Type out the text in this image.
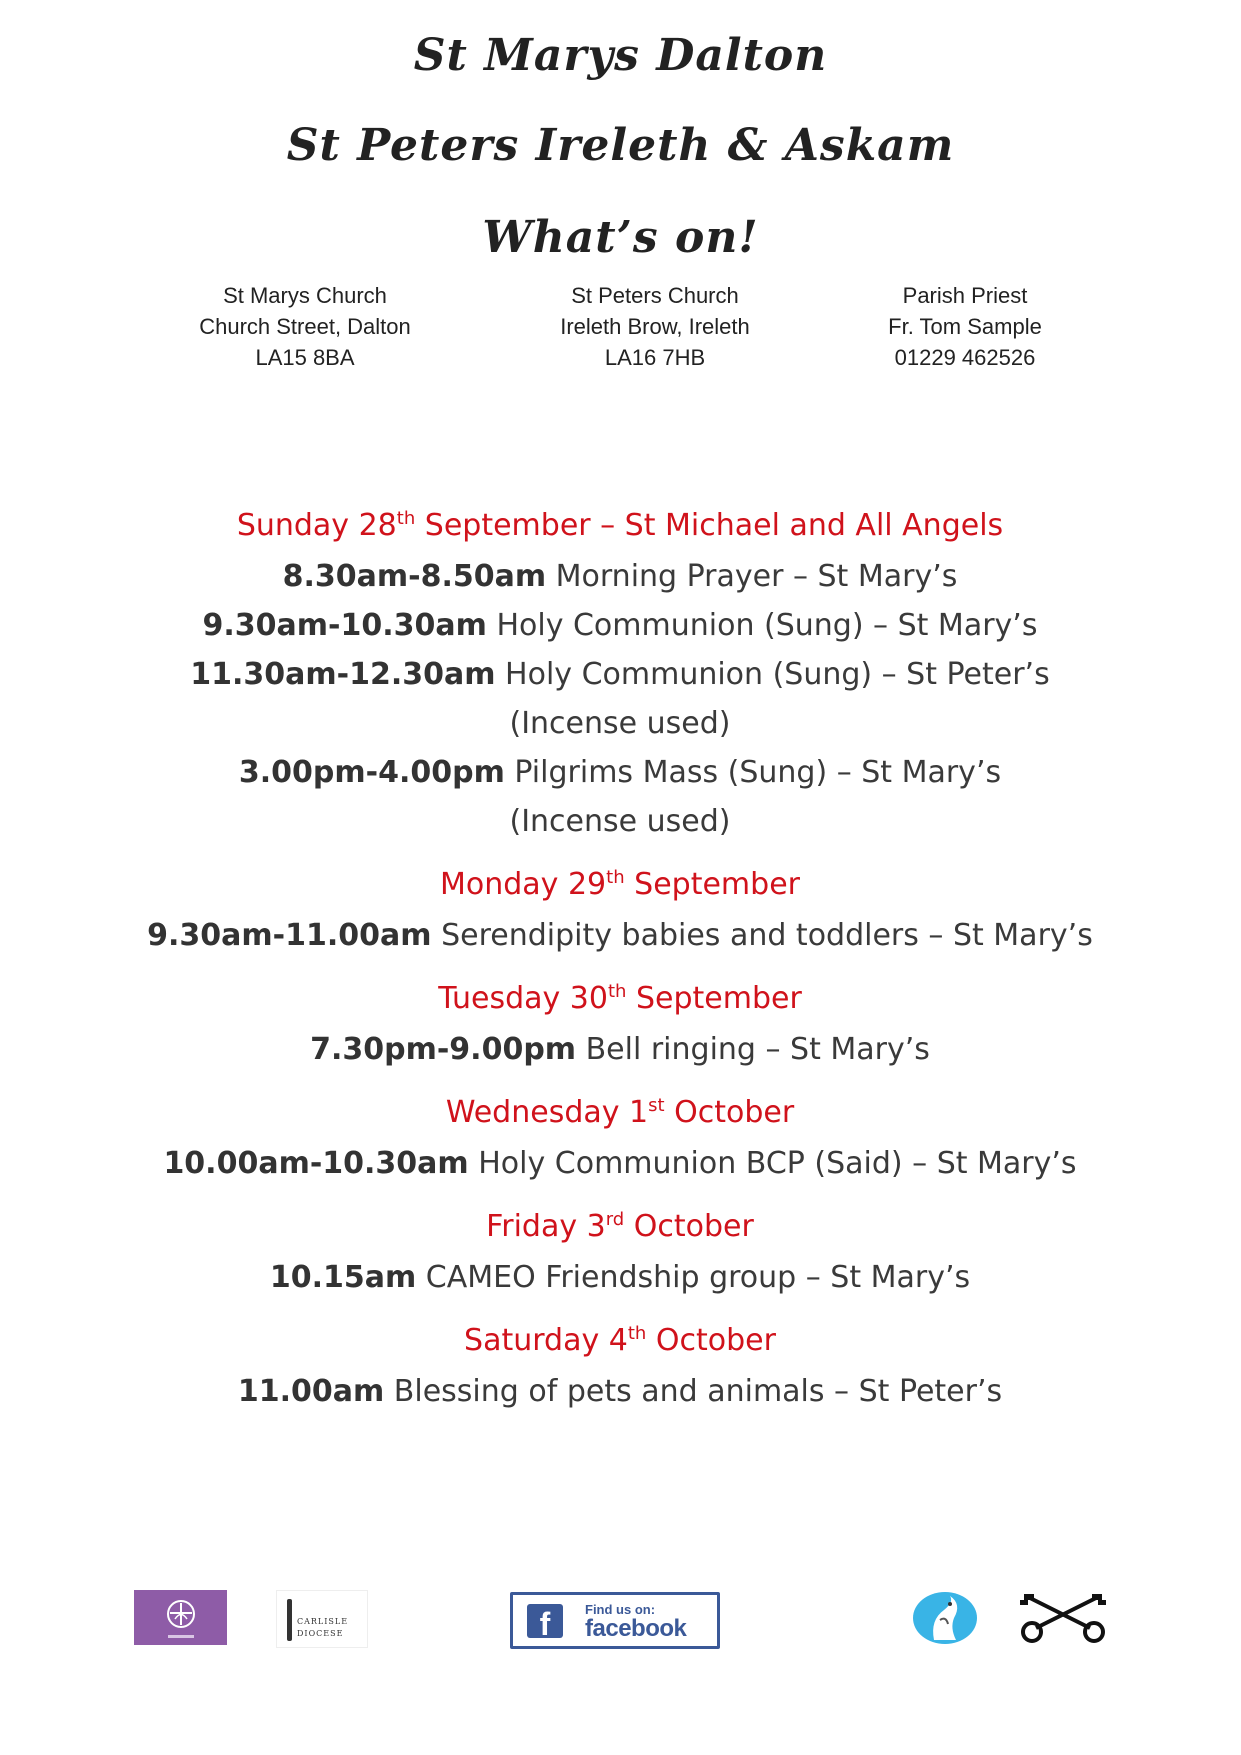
St Marys Dalton
St Peters Ireleth & Askam
What’s on!
St Marys Church
Church Street, Dalton
LA15 8BA
St Peters Church
Ireleth Brow, Ireleth
LA16 7HB
Parish Priest
Fr. Tom Sample
01229 462526
Sunday 28th September – St Michael and All Angels
8.30am-8.50am Morning Prayer – St Mary’s
9.30am-10.30am Holy Communion (Sung) – St Mary’s
11.30am-12.30am Holy Communion (Sung) – St Peter’s
(Incense used)
3.00pm-4.00pm Pilgrims Mass (Sung) – St Mary’s
(Incense used)
Monday 29th September
9.30am-11.00am Serendipity babies and toddlers – St Mary’s
Tuesday 30th September
7.30pm-9.00pm Bell ringing – St Mary’s
Wednesday 1st October
10.00am-10.30am Holy Communion BCP (Said) – St Mary’s
Friday 3rd October
10.15am CAMEO Friendship group – St Mary’s
Saturday 4th October
11.00am Blessing of pets and animals – St Peter’s
CARLISLE
DIOCESE	f	Find us on:
facebook
